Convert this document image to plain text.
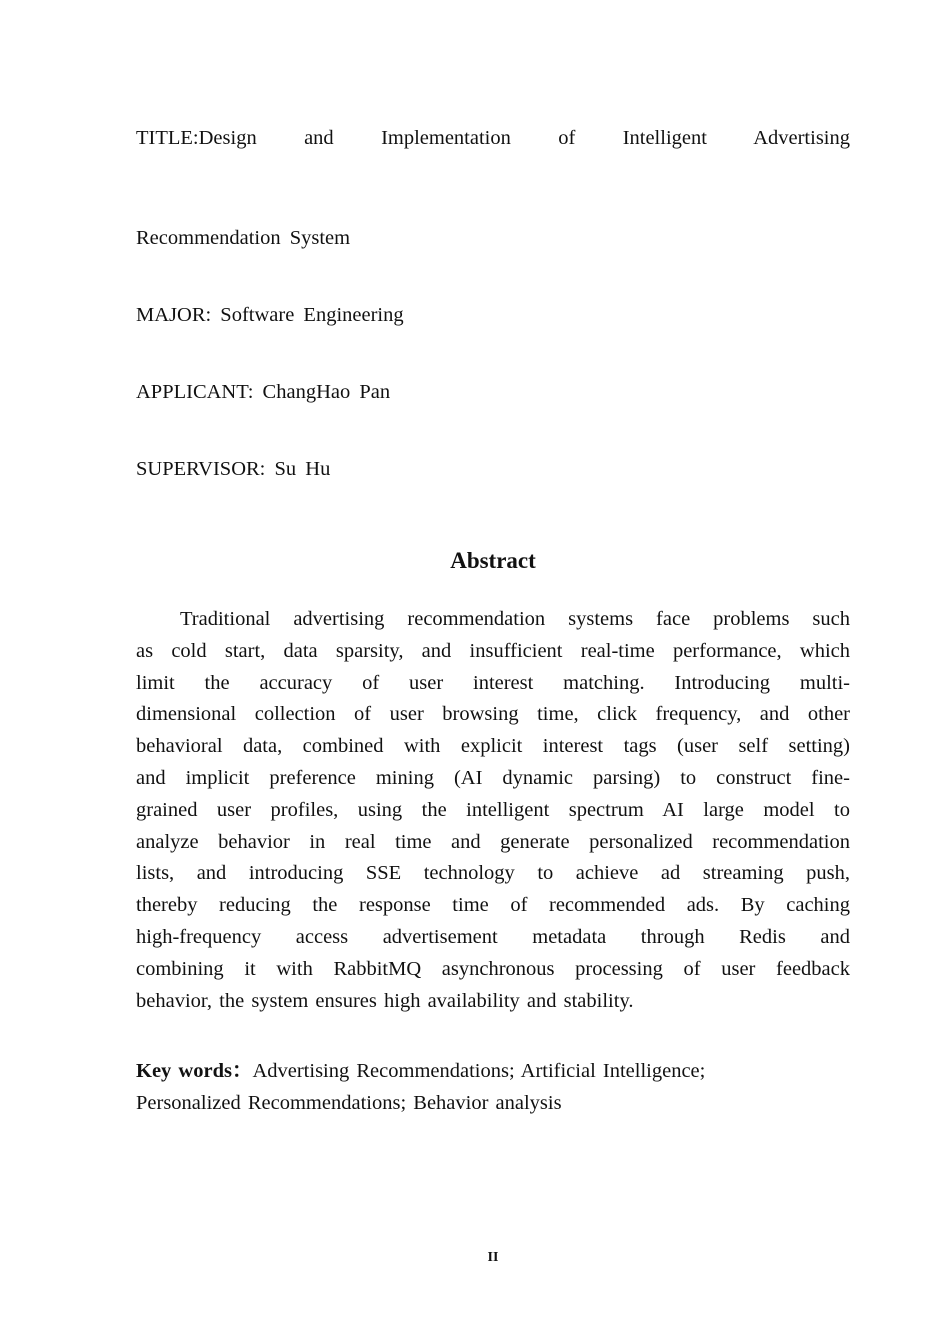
TITLE:Design and Implementation of Intelligent Advertising
Recommendation System
MAJOR: Software Engineering
APPLICANT: ChangHao Pan
SUPERVISOR: Su Hu
Abstract
Traditional advertising recommendation systems face problems such
as cold start, data sparsity, and insufficient real-time performance, which
limit the accuracy of user interest matching. Introducing multi-
dimensional collection of user browsing time, click frequency, and other
behavioral data, combined with explicit interest tags (user self setting)
and implicit preference mining (AI dynamic parsing) to construct fine-
grained user profiles, using the intelligent spectrum AI large model to
analyze behavior in real time and generate personalized recommendation
lists, and introducing SSE technology to achieve ad streaming push,
thereby reducing the response time of recommended ads. By caching
high-frequency access advertisement metadata through Redis and
combining it with RabbitMQ asynchronous processing of user feedback
behavior, the system ensures high availability and stability.
Key words：Advertising Recommendations; Artificial Intelligence;
Personalized Recommendations; Behavior analysis
II
